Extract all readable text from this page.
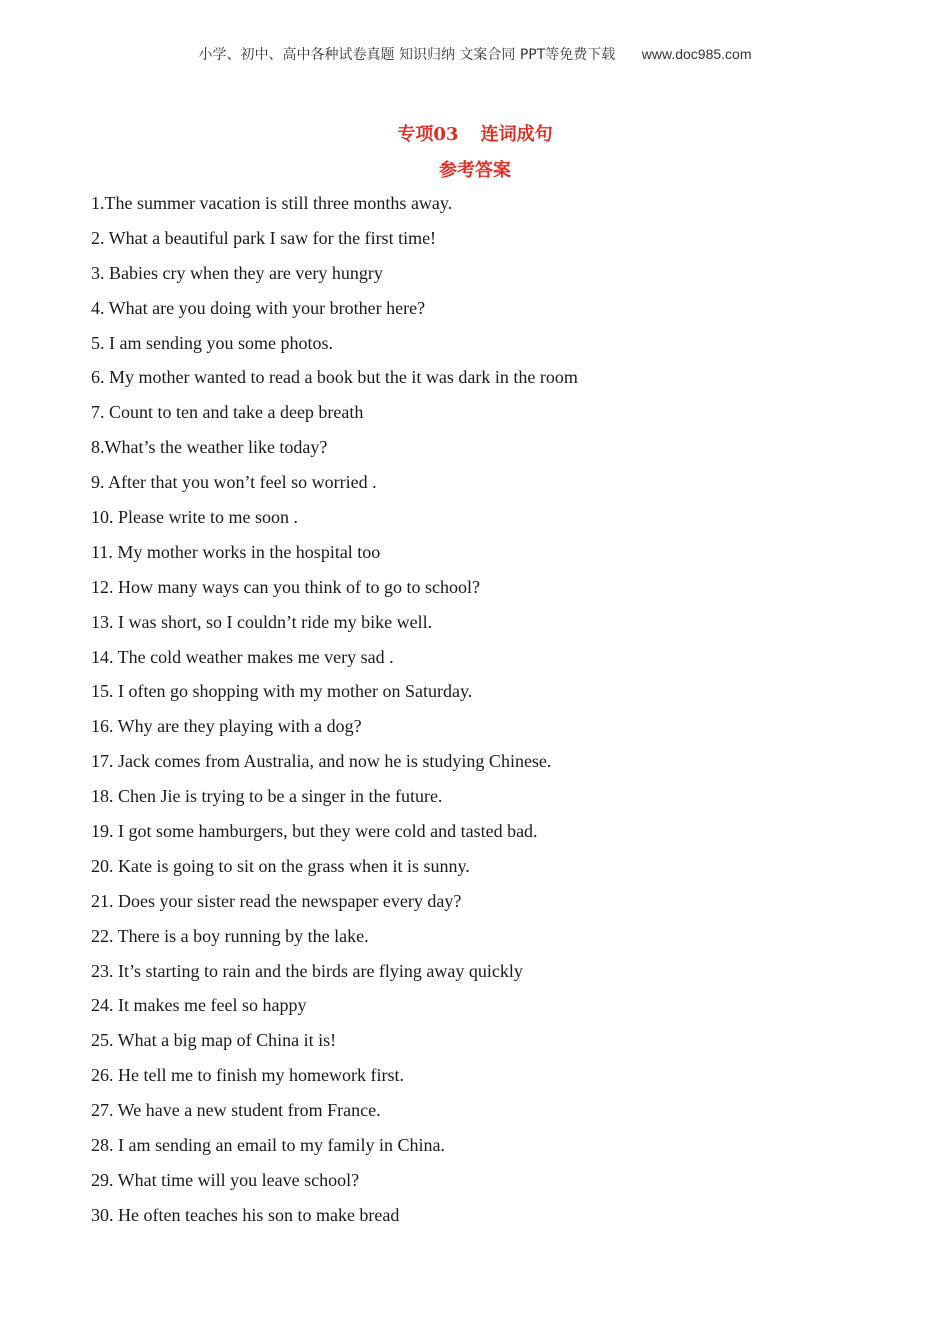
小学、初中、高中各种试卷真题 知识归纳 文案合同 PPT等免费下载 www.doc985.com
专项03 连词成句
参考答案
1.The summer vacation is still three months away.
2. What a beautiful park I saw for the first time!
3. Babies cry when they are very hungry
4. What are you doing with your brother here?
5. I am sending you some photos.
6. My mother wanted to read a book but the it was dark in the room
7. Count to ten and take a deep breath
8.What’s the weather like today?
9. After that you won’t feel so worried .
10. Please write to me soon .
11. My mother works in the hospital too
12. How many ways can you think of to go to school?
13. I was short, so I couldn’t ride my bike well.
14. The cold weather makes me very sad .
15. I often go shopping with my mother on Saturday.
16. Why are they playing with a dog?
17. Jack comes from Australia, and now he is studying Chinese.
18. Chen Jie is trying to be a singer in the future.
19. I got some hamburgers, but they were cold and tasted bad.
20. Kate is going to sit on the grass when it is sunny.
21. Does your sister read the newspaper every day?
22. There is a boy running by the lake.
23. It’s starting to rain and the birds are flying away quickly
24. It makes me feel so happy
25. What a big map of China it is!
26. He tell me to finish my homework first.
27. We have a new student from France.
28. I am sending an email to my family in China.
29. What time will you leave school?
30. He often teaches his son to make bread
